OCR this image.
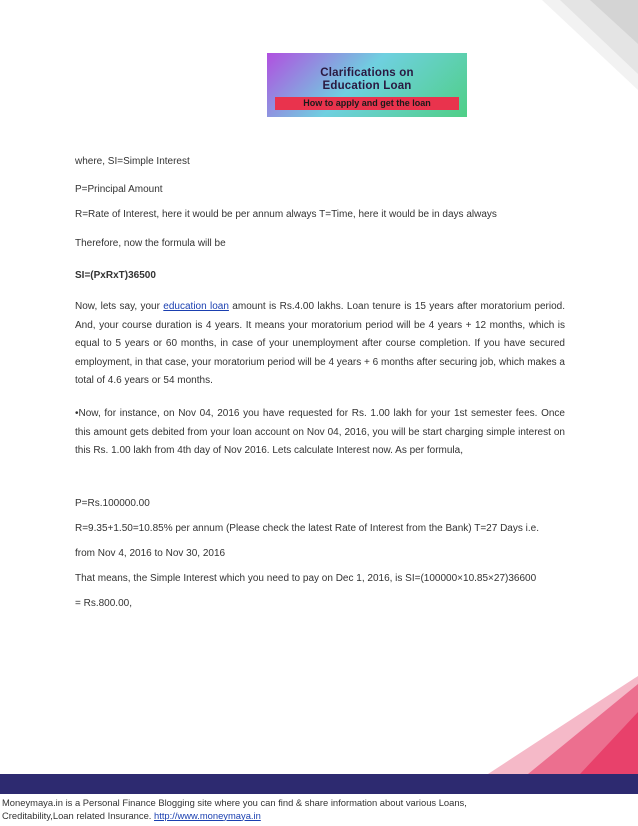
Clarifications on
Education Loan
How to apply and get the loan
where, SI=Simple Interest
P=Principal Amount
R=Rate of Interest, here it would be per annum always T=Time, here it would be in days always
Therefore, now the formula will be
SI=(PxRxT)36500
Now, lets say, your education loan amount is Rs.4.00 lakhs. Loan tenure is 15 years after moratorium period. And, your course duration is 4 years. It means your moratorium period will be 4 years + 12 months, which is equal to 5 years or 60 months, in case of your unemployment after course completion. If you have secured employment, in that case, your moratorium period will be 4 years + 6 months after securing job, which makes a total of 4.6 years or 54 months.
•Now, for instance, on Nov 04, 2016 you have requested for Rs. 1.00 lakh for your 1st semester fees. Once this amount gets debited from your loan account on Nov 04, 2016, you will be start charging simple interest on this Rs. 1.00 lakh from 4th day of Nov 2016. Lets calculate Interest now. As per formula,
P=Rs.100000.00
R=9.35+1.50=10.85% per annum (Please check the latest Rate of Interest from the Bank) T=27 Days i.e.
from Nov 4, 2016 to Nov 30, 2016
That means, the Simple Interest which you need to pay on Dec 1, 2016, is SI=(100000×10.85×27)36600
= Rs.800.00,
Moneymaya.in is a Personal Finance Blogging site where you can find & share information about various Loans,
Creditability,Loan related Insurance. http://www.moneymaya.in
